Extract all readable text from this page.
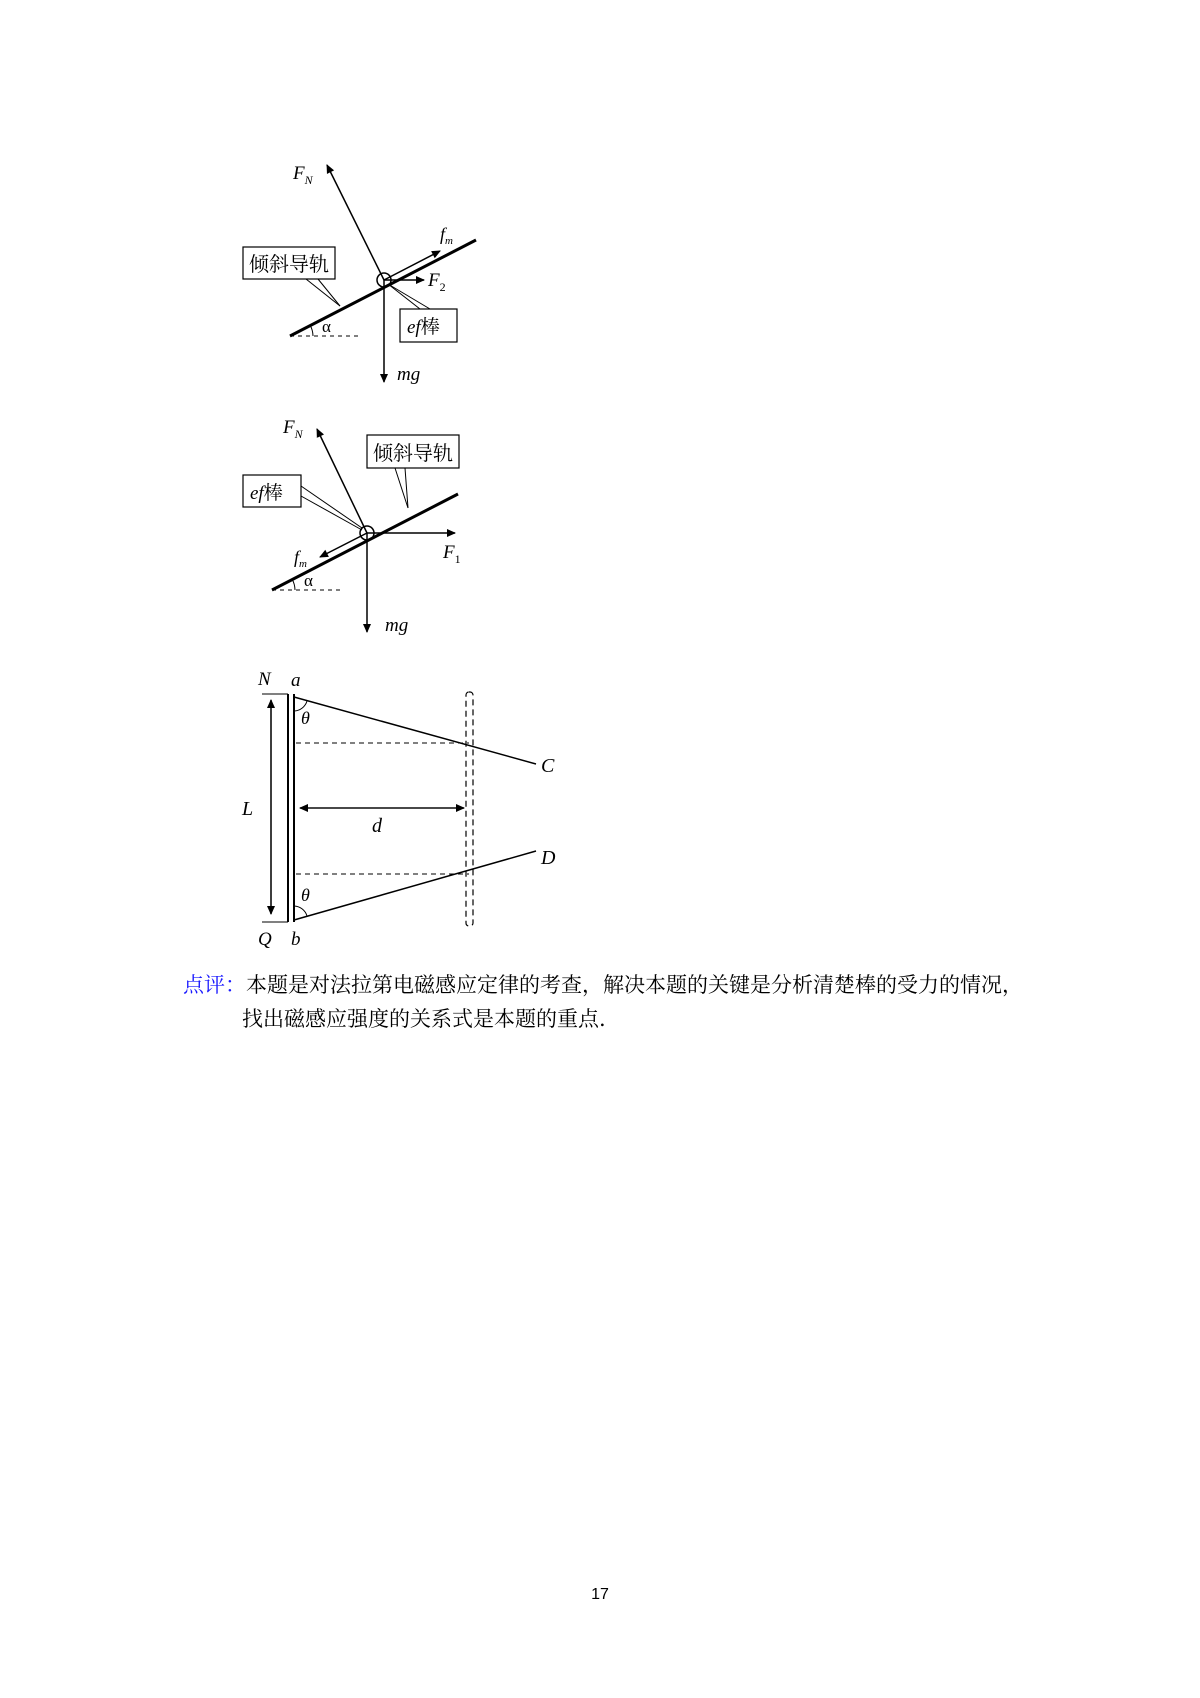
α
$F_N$
$f_m$
$F_2$
mg
倾斜导轨
ef棒
α
$F_N$
$f_m$
$F_1$
mg
倾斜导轨
ef棒
N a
Q b
θ
θ
L
d
C
D
点评：本题是对法拉第电磁感应定律的考查，解决本题的关键是分析清楚棒的受力的情况，
找出磁感应强度的关系式是本题的重点.
17
